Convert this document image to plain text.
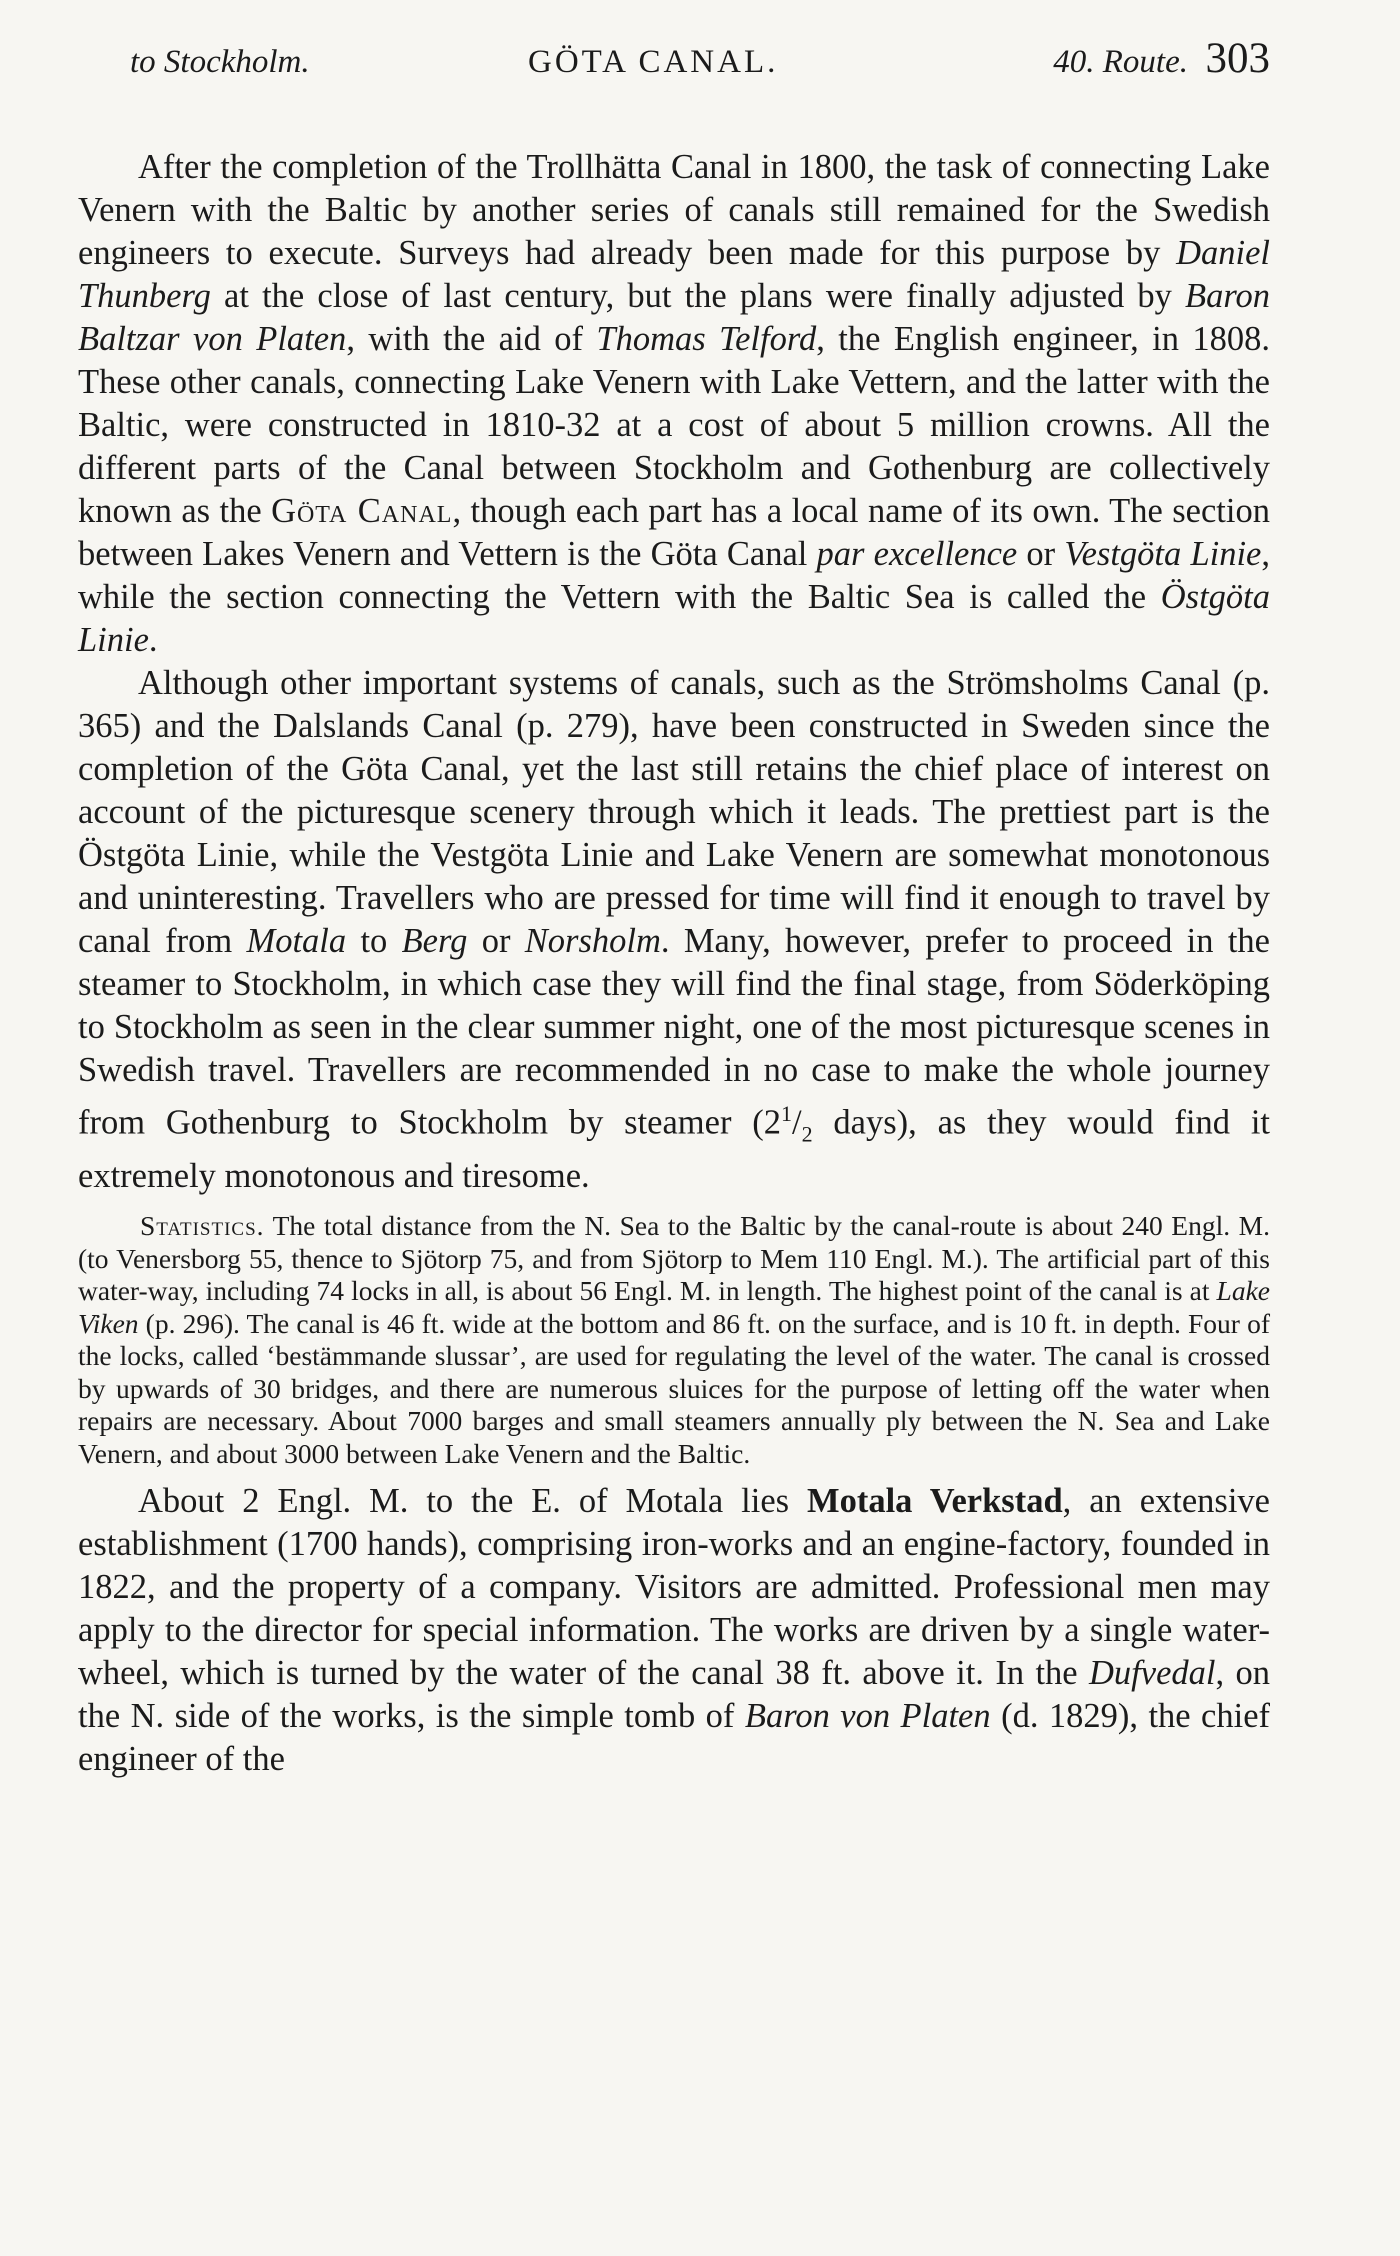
to Stockholm.	GÖTA CANAL.	40. Route. 303

After the completion of the Trollhätta Canal in 1800, the task of connecting Lake Venern with the Baltic by another series of canals still remained for the Swedish engineers to execute. Surveys had already been made for this purpose by Daniel Thunberg at the close of last century, but the plans were finally adjusted by Baron Baltzar von Platen, with the aid of Thomas Telford, the English engineer, in 1808. These other canals, connecting Lake Venern with Lake Vettern, and the latter with the Baltic, were constructed in 1810-32 at a cost of about 5 million crowns. All the different parts of the Canal between Stockholm and Gothenburg are collectively known as the Göta Canal, though each part has a local name of its own. The section between Lakes Venern and Vettern is the Göta Canal par excellence or Vestgöta Linie, while the section connecting the Vettern with the Baltic Sea is called the Östgöta Linie.

Although other important systems of canals, such as the Strömsholms Canal (p. 365) and the Dalslands Canal (p. 279), have been constructed in Sweden since the completion of the Göta Canal, yet the last still retains the chief place of interest on account of the picturesque scenery through which it leads. The prettiest part is the Östgöta Linie, while the Vestgöta Linie and Lake Venern are somewhat monotonous and uninteresting. Travellers who are pressed for time will find it enough to travel by canal from Motala to Berg or Norsholm. Many, however, prefer to proceed in the steamer to Stockholm, in which case they will find the final stage, from Söderköping to Stockholm as seen in the clear summer night, one of the most picturesque scenes in Swedish travel. Travellers are recommended in no case to make the whole journey from Gothenburg to Stockholm by steamer ($2^1/_2$ days), as they would find it extremely monotonous and tiresome.

Statistics. The total distance from the N. Sea to the Baltic by the canal-route is about 240 Engl. M. (to Venersborg 55, thence to Sjötorp 75, and from Sjötorp to Mem 110 Engl. M.). The artificial part of this water-way, including 74 locks in all, is about 56 Engl. M. in length. The highest point of the canal is at Lake Viken (p. 296). The canal is 46 ft. wide at the bottom and 86 ft. on the surface, and is 10 ft. in depth. Four of the locks, called ‘bestämmande slussar’, are used for regulating the level of the water. The canal is crossed by upwards of 30 bridges, and there are numerous sluices for the purpose of letting off the water when repairs are necessary. About 7000 barges and small steamers annually ply between the N. Sea and Lake Venern, and about 3000 between Lake Venern and the Baltic.

About 2 Engl. M. to the E. of Motala lies Motala Verkstad, an extensive establishment (1700 hands), comprising iron-works and an engine-factory, founded in 1822, and the property of a company. Visitors are admitted. Professional men may apply to the director for special information. The works are driven by a single water-wheel, which is turned by the water of the canal 38 ft. above it. In the Dufvedal, on the N. side of the works, is the simple tomb of Baron von Platen (d. 1829), the chief engineer of the
